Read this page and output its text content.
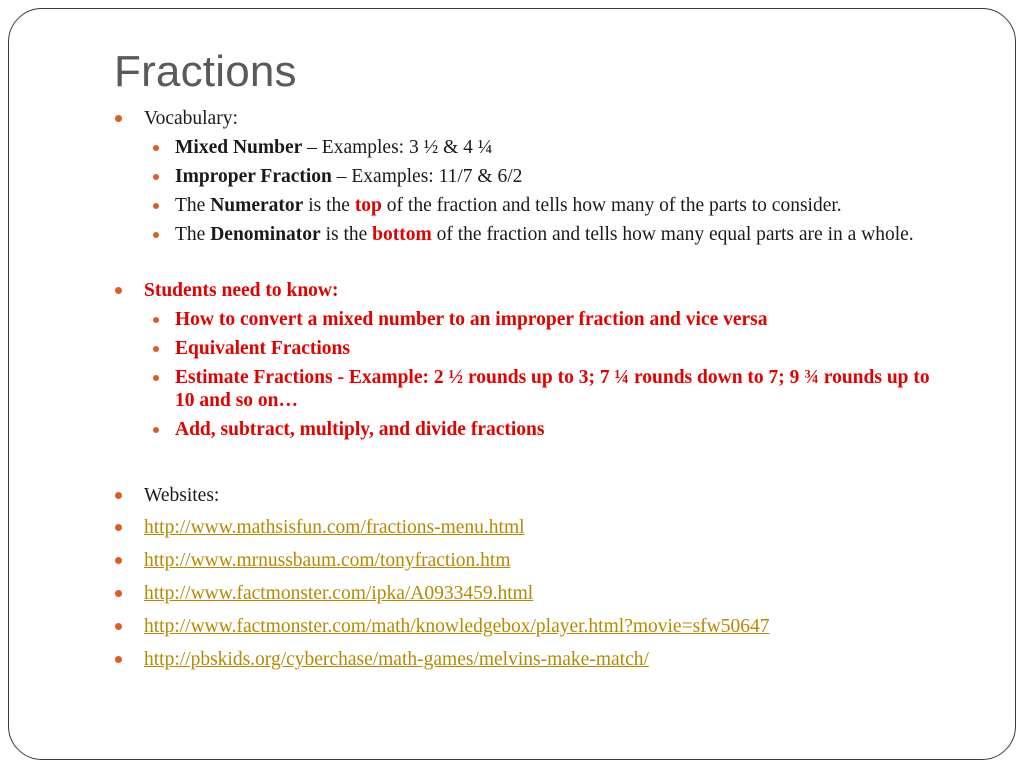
Fractions
Vocabulary:
Mixed Number – Examples: 3 ½ & 4 ¼
Improper Fraction – Examples: 11/7 & 6/2
The Numerator is the top of the fraction and tells how many of the parts to consider.
The Denominator is the bottom of the fraction and tells how many equal parts are in a whole.
Students need to know:
How to convert a mixed number to an improper fraction and vice versa
Equivalent Fractions
Estimate Fractions - Example: 2 ½ rounds up to 3; 7 ¼ rounds down to 7; 9 ¾ rounds up to 10 and so on…
Add, subtract, multiply, and divide fractions
Websites:
http://www.mathsisfun.com/fractions-menu.html
http://www.mrnussbaum.com/tonyfraction.htm
http://www.factmonster.com/ipka/A0933459.html
http://www.factmonster.com/math/knowledgebox/player.html?movie=sfw50647
http://pbskids.org/cyberchase/math-games/melvins-make-match/
